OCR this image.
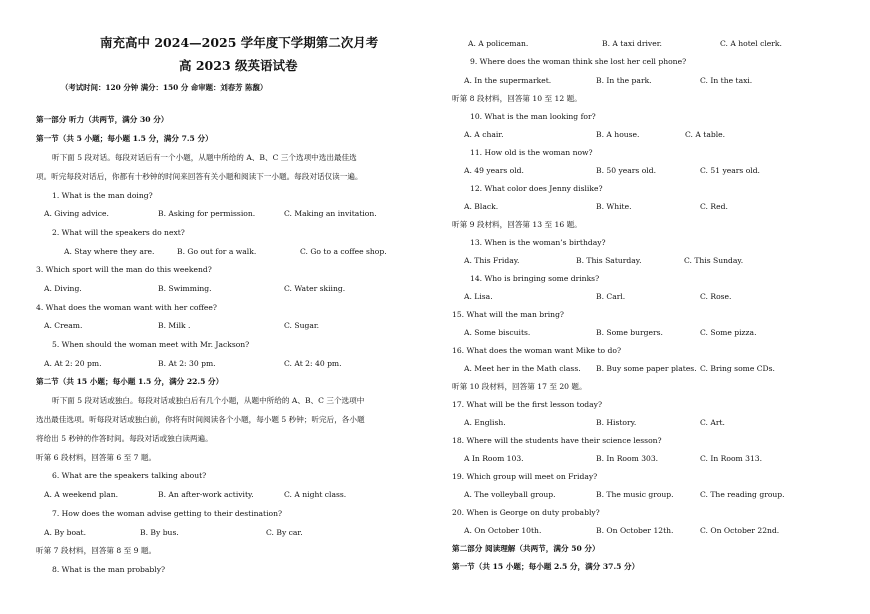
南充高中 2024—2025 学年度下学期第二次月考
高 2023 级英语试卷
（考试时间：120 分钟 满分：150 分 命审题：刘春芳 陈馥）
第一部分 听力（共两节，满分 30 分）
第一节（共 5 小题；每小题 1.5 分，满分 7.5 分）
听下面 5 段对话。每段对话后有一个小题，从题中所给的 A、B、C 三个选项中选出最佳选
项。听完每段对话后，你都有十秒钟的时间来回答有关小题和阅读下一小题。每段对话仅读一遍。
1. What is the man doing?
A. Giving advice.	B. Asking for permission.	C. Making an invitation.
2. What will the speakers do next?
A. Stay where they are.	B. Go out for a walk.	C. Go to a coffee shop.
3. Which sport will the man do this weekend?
A. Diving.	B. Swimming.	C. Water skiing.
4. What does the woman want with her coffee?
A. Cream.	B. Milk .	C. Sugar.
5. When should the woman meet with Mr. Jackson?
A. At 2: 20 pm.	B. At 2: 30 pm.	C. At 2: 40 pm.
第二节（共 15 小题；每小题 1.5 分，满分 22.5 分）
听下面 5 段对话或独白。每段对话或独白后有几个小题，从题中所给的 A、B、C 三个选项中
选出最佳选项。听每段对话或独白前，你将有时间阅读各个小题，每小题 5 秒钟；听完后，各小题
将给出 5 秒钟的作答时间。每段对话或独白读两遍。
听第 6 段材料，回答第 6 至 7 题。
6. What are the speakers talking about?
A. A weekend plan.	B. An after-work activity.	C. A night class.
7. How does the woman advise getting to their destination?
A. By boat.	B. By bus.	C. By car.
听第 7 段材料，回答第 8 至 9 题。
8. What is the man probably?
A. A policeman.	B. A taxi driver.	C. A hotel clerk.
9. Where does the woman think she lost her cell phone?
A. In the supermarket.	B. In the park.	C. In the taxi.
听第 8 段材料，回答第 10 至 12 题。
10. What is the man looking for?
A. A chair.	B. A house.	C. A table.
11. How old is the woman now?
A. 49 years old.	B. 50 years old.	C. 51 years old.
12. What color does Jenny dislike?
A. Black.	B. White.	C. Red.
听第 9 段材料，回答第 13 至 16 题。
13. When is the woman’s birthday?
A. This Friday.	B. This Saturday.	C. This Sunday.
14. Who is bringing some drinks?
A. Lisa.	B. Carl.	C. Rose.
15. What will the man bring?
A. Some biscuits.	B. Some burgers.	C. Some pizza.
16. What does the woman want Mike to do?
A. Meet her in the Math class. B. Buy some paper plates. C. Bring some CDs.
听第 10 段材料，回答第 17 至 20 题。
17. What will be the first lesson today?
A. English.	B. History.	C. Art.
18. Where will the students have their science lesson?
A In Room 103.	B. In Room 303.	C. In Room 313.
19. Which group will meet on Friday?
A. The volleyball group.	B. The music group.	C. The reading group.
20. When is George on duty probably?
A. On October 10th.	B. On October 12th.	C. On October 22nd.
第二部分 阅读理解（共两节，满分 50 分）
第一节（共 15 小题；每小题 2.5 分，满分 37.5 分）
